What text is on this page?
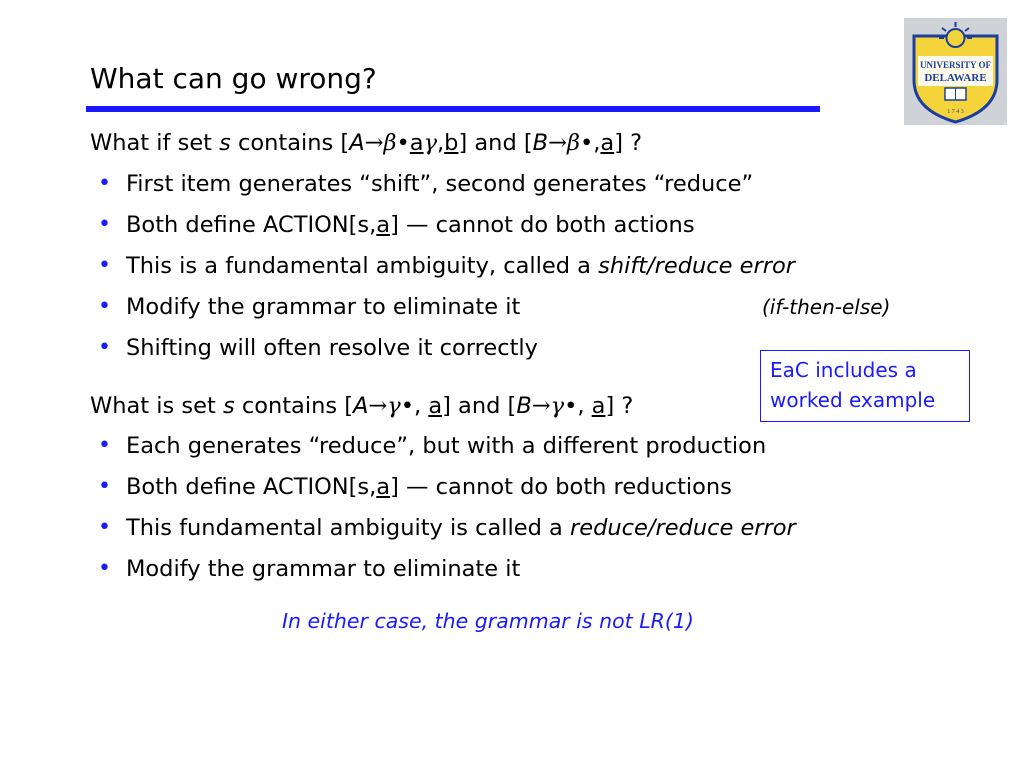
What can go wrong?	UNIVERSITY OF
DELAWARE
1 7 4 3
What if set s contains [A→β•aγ,b] and [B→β•,a] ?
• First item generates “shift”, second generates “reduce”
• Both define ACTION[s,a] — cannot do both actions
• This is a fundamental ambiguity, called a shift/reduce error
• Modify the grammar to eliminate it	(if-then-else)
• Shifting will often resolve it correctly
EaC includes a
worked example
What is set s contains [A→γ•, a] and [B→γ•, a] ?
• Each generates “reduce”, but with a different production
• Both define ACTION[s,a] — cannot do both reductions
• This fundamental ambiguity is called a reduce/reduce error
• Modify the grammar to eliminate it
In either case, the grammar is not LR(1)
